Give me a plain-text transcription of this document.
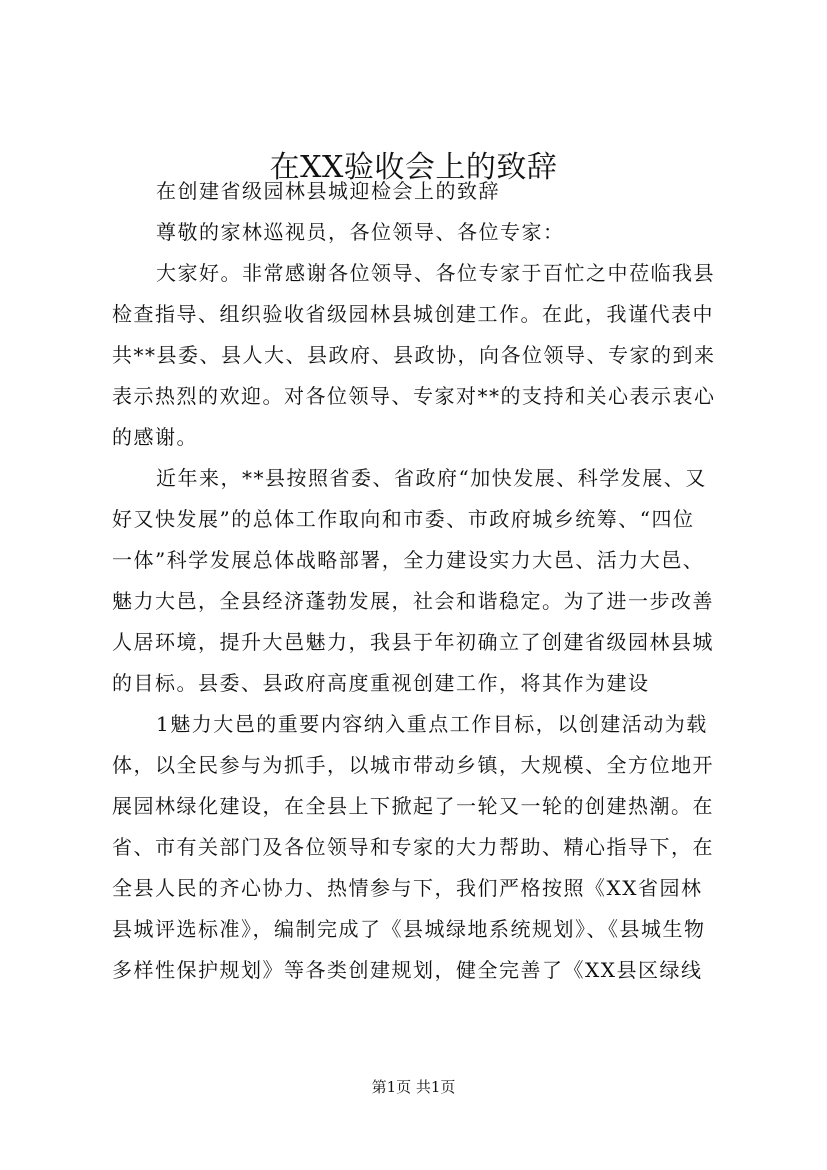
在XX验收会上的致辞
在创建省级园林县城迎检会上的致辞
尊敬的家林巡视员，各位领导、各位专家：
大家好。非常感谢各位领导、各位专家于百忙之中莅临我县
检查指导、组织验收省级园林县城创建工作。在此，我谨代表中
共**县委、县人大、县政府、县政协，向各位领导、专家的到来
表示热烈的欢迎。对各位领导、专家对**的支持和关心表示衷心
的感谢。
近年来，**县按照省委、省政府“加快发展、科学发展、又
好又快发展”的总体工作取向和市委、市政府城乡统筹、“四位
一体”科学发展总体战略部署，全力建设实力大邑、活力大邑、
魅力大邑，全县经济蓬勃发展，社会和谐稳定。为了进一步改善
人居环境，提升大邑魅力，我县于年初确立了创建省级园林县城
的目标。县委、县政府高度重视创建工作，将其作为建设
1魅力大邑的重要内容纳入重点工作目标，以创建活动为载
体，以全民参与为抓手，以城市带动乡镇，大规模、全方位地开
展园林绿化建设，在全县上下掀起了一轮又一轮的创建热潮。在
省、市有关部门及各位领导和专家的大力帮助、精心指导下，在
全县人民的齐心协力、热情参与下，我们严格按照《XX省园林
县城评选标准》，编制完成了《县城绿地系统规划》、《县城生物
多样性保护规划》等各类创建规划，健全完善了《XX县区绿线
第1页 共1页
